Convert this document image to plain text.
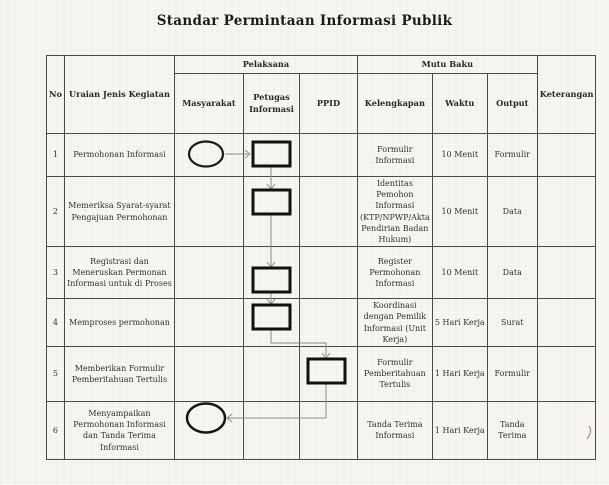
Standar Permintaan Informasi Publik
No	Uraian Jenis Kegiatan	Pelaksana			Mutu Baku			Keterangan
		Masyarakat	Petugas Informasi	PPID	Kelengkapan	Waktu	Output	
1	Permohonan Informasi				Formulir Informasi	10 Menit	Formulir	
2	Memeriksa Syarat-syarat Pengajuan Permohonan				Identitas Pemohon Informasi (KTP/NPWP/Akta Pendirian Badan Hukum)	10 Menit	Data	
3	Registrasi dan Meneruskan Permonan Informasi untuk di Proses				Register Permohonan Informasi	10 Menit	Data	
4	Memproses permohonan				Koordinasi dengan Pemilik Informasi (Unit Kerja)	5 Hari Kerja	Surat	
5	Memberikan Formulir Pemberitahuan Tertulis				Formulir Pemberitahuan Tertulis	1 Hari Kerja	Formulir	
6	Menyampaikan Permohonan Informasi dan Tanda Terima Informasi				Tanda Terima Informasi	1 Hari Kerja	Tanda Terima	
